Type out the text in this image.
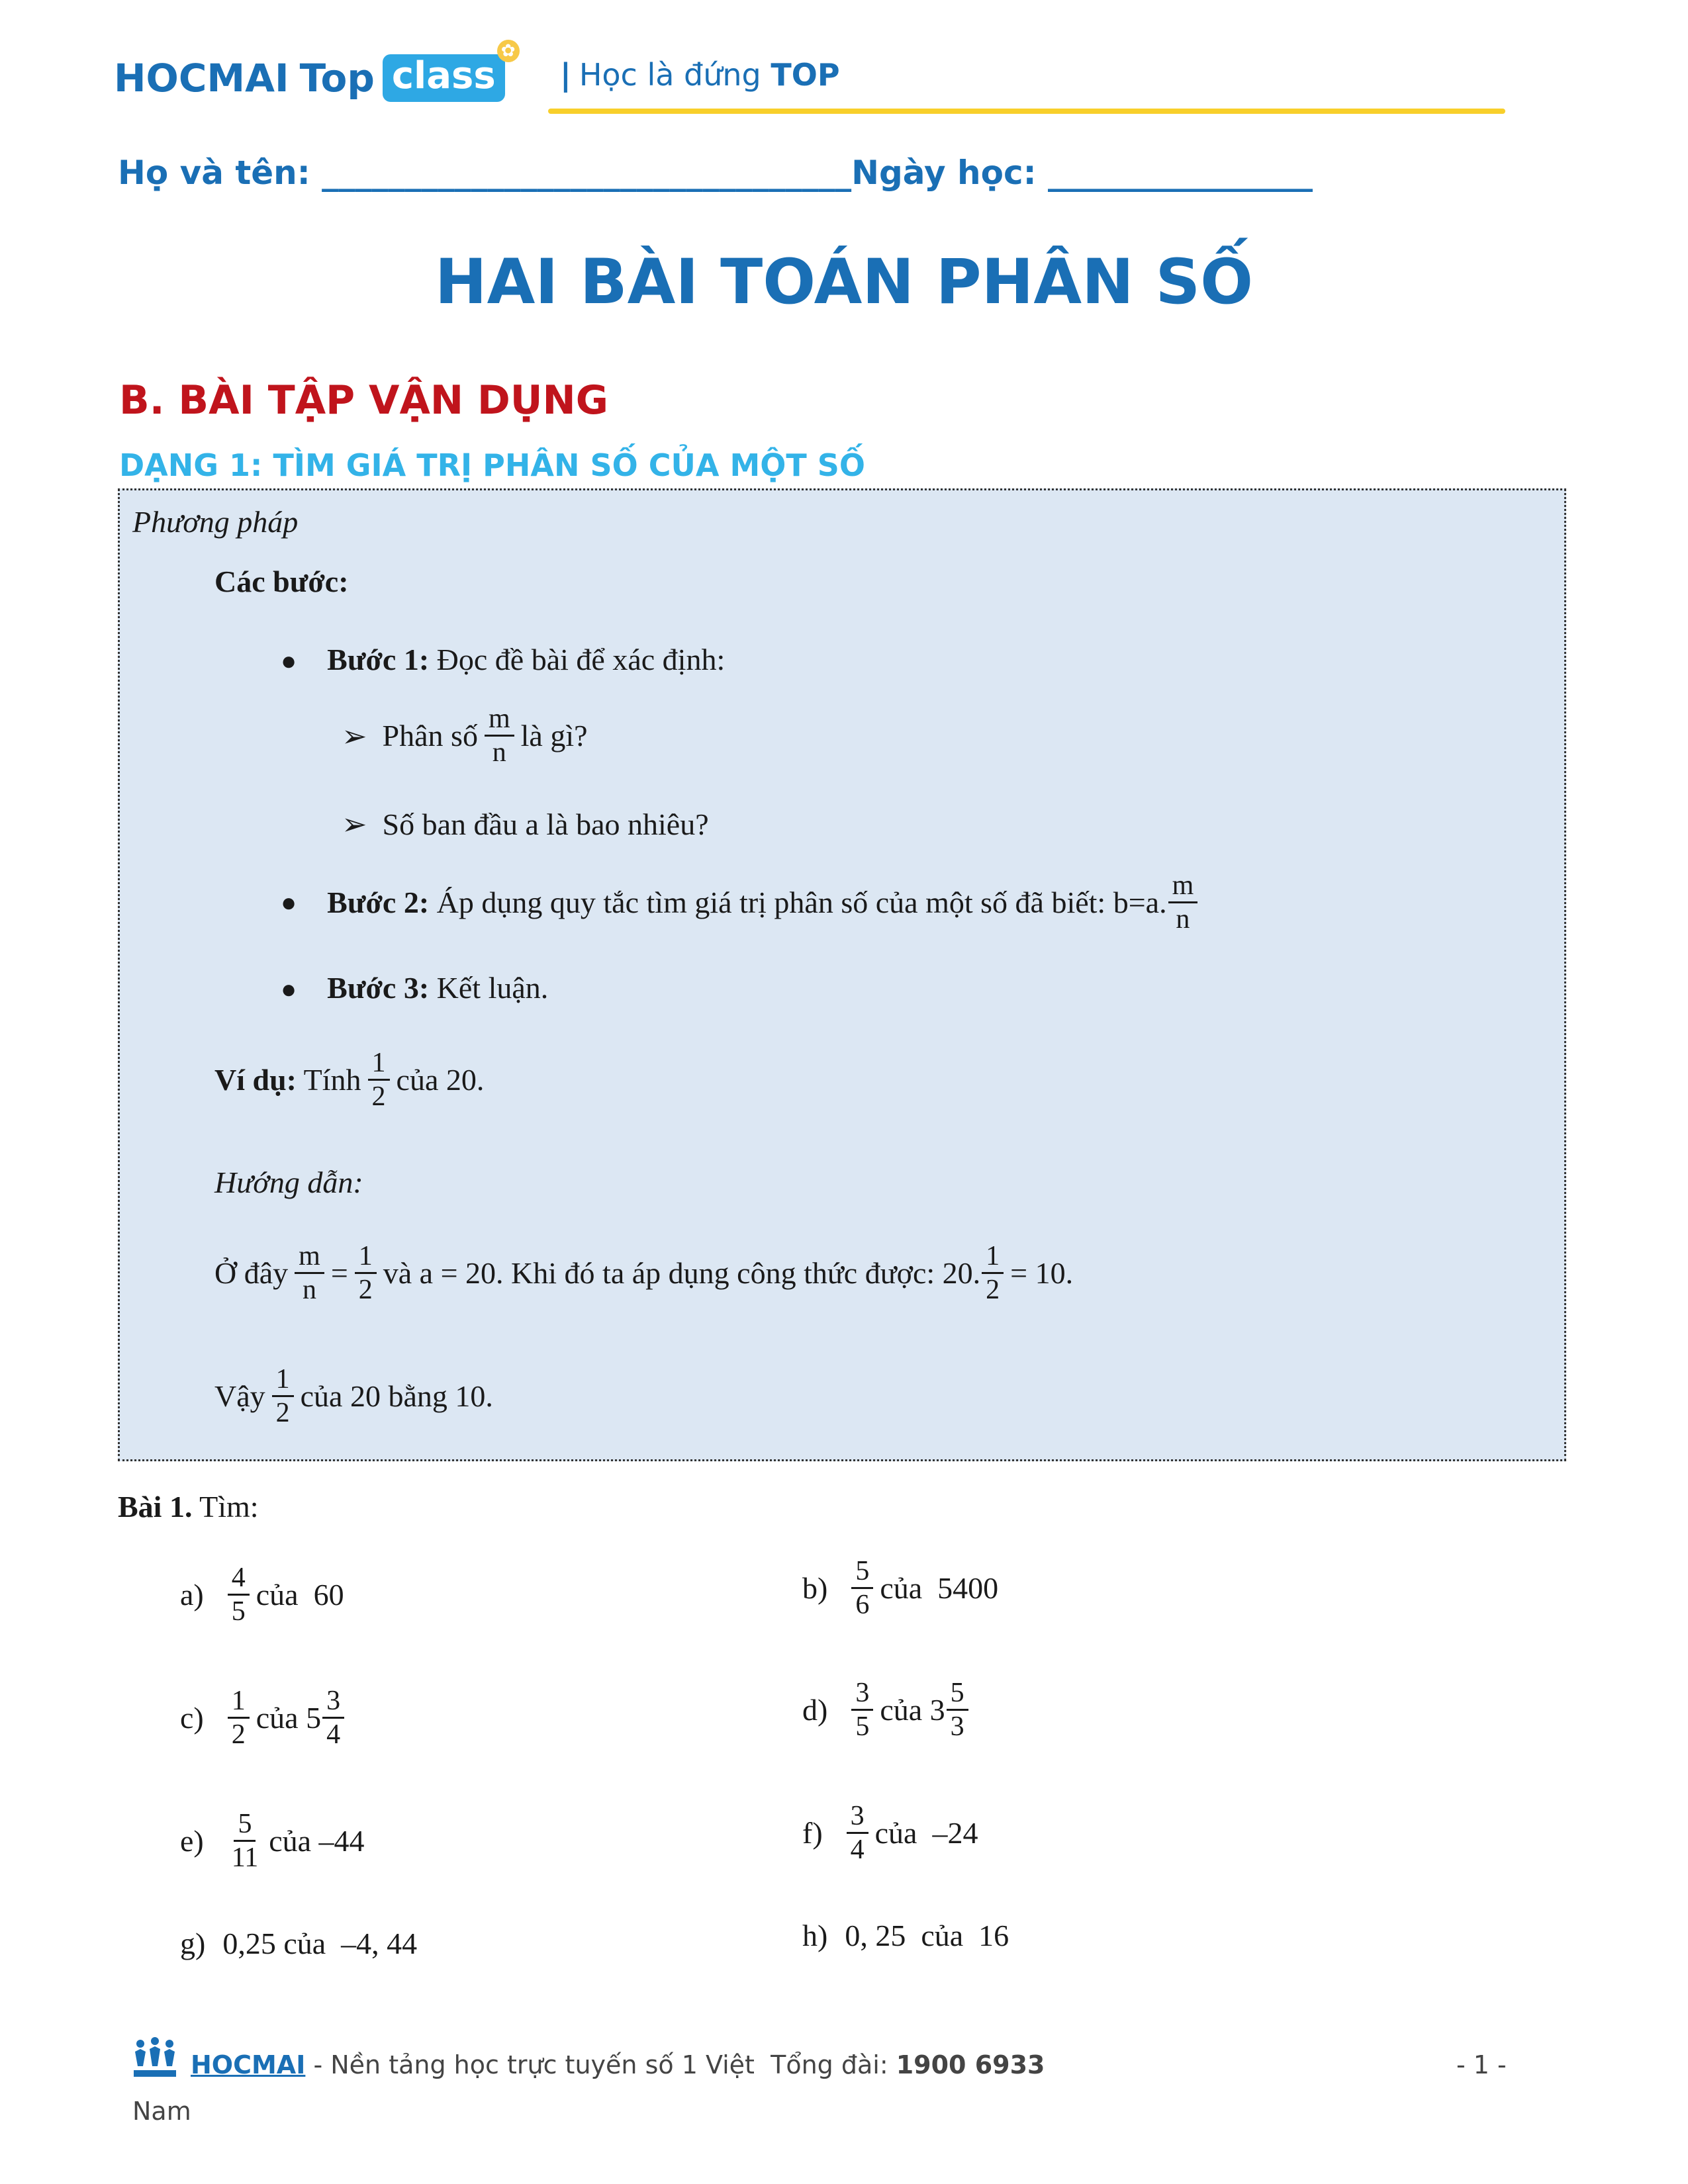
HOCMAI Top class
✿
| Học là đứng TOP
Họ và tên: ________________________________Ngày học: ________________
HAI BÀI TOÁN PHÂN SỐ
B. BÀI TẬP VẬN DỤNG
DẠNG 1: TÌM GIÁ TRỊ PHÂN SỐ CỦA MỘT SỐ
Phương pháp
Các bước:
● Bước 1: Đọc đề bài để xác định:
➢
Phân số $\frac{m}{n}$ là gì?
➢ Số ban đầu a là bao nhiêu?
●
Bước 2: Áp dụng quy tắc tìm giá trị phân số của một số đã biết: b=a. $\frac{m}{n}$
● Bước 3: Kết luận.
Ví dụ: Tính $\frac{1}{2}$ của 20.
Hướng dẫn:
Ở đây $\frac{m}{n} = \frac{1}{2}$ và a = 20. Khi đó ta áp dụng công thức được: 20. $\frac{1}{2} = 10$ .
Vậy $\frac{1}{2}$ của 20 bằng 10.
Bài 1. Tìm:
$a) \frac{4}{5}$ của  60	$b) \frac{5}{6}$ của  5400
$c) \frac{1}{2}$ của $5 \frac{3}{4}$	$d) \frac{3}{5}$ của $3 \frac{5}{3}$
$e) \frac{5}{11}$ của –44	$f) \frac{3}{4}$ của  –24
g) 0,25 của  –4, 44	h) 0, 25  của  16
HOCMAI - Nền tảng học trực tuyến số 1 Việt  Tổng đài: 1900 6933
Nam
- 1 -
